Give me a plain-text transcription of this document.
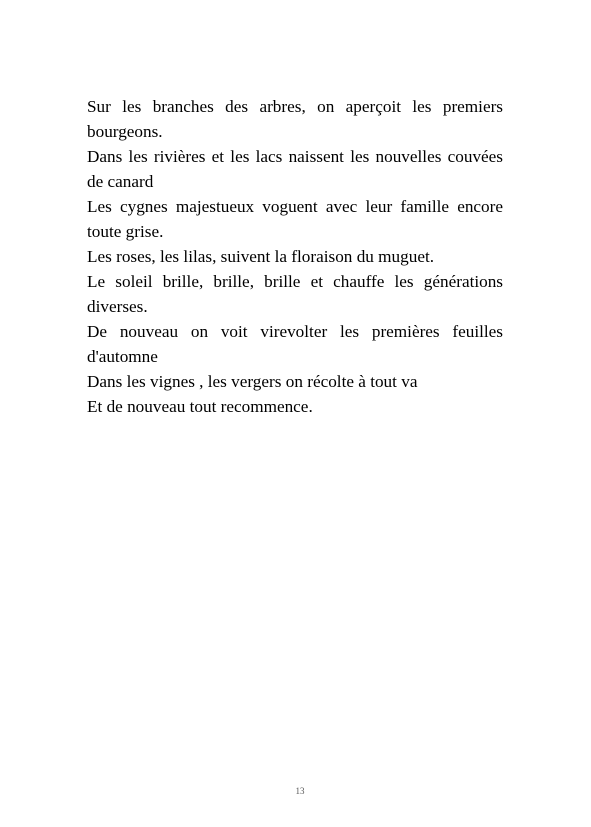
Sur les branches des arbres, on aperçoit les premiers bourgeons.

Dans les rivières et les lacs naissent les nouvelles couvées de canard

Les cygnes majestueux voguent avec leur famille encore toute grise.

Les roses, les lilas, suivent la floraison du muguet.

Le soleil brille, brille, brille et chauffe les générations diverses.

De nouveau on voit virevolter les premières feuilles d'automne

Dans les vignes , les vergers on récolte à tout va

Et de nouveau tout recommence.

13
